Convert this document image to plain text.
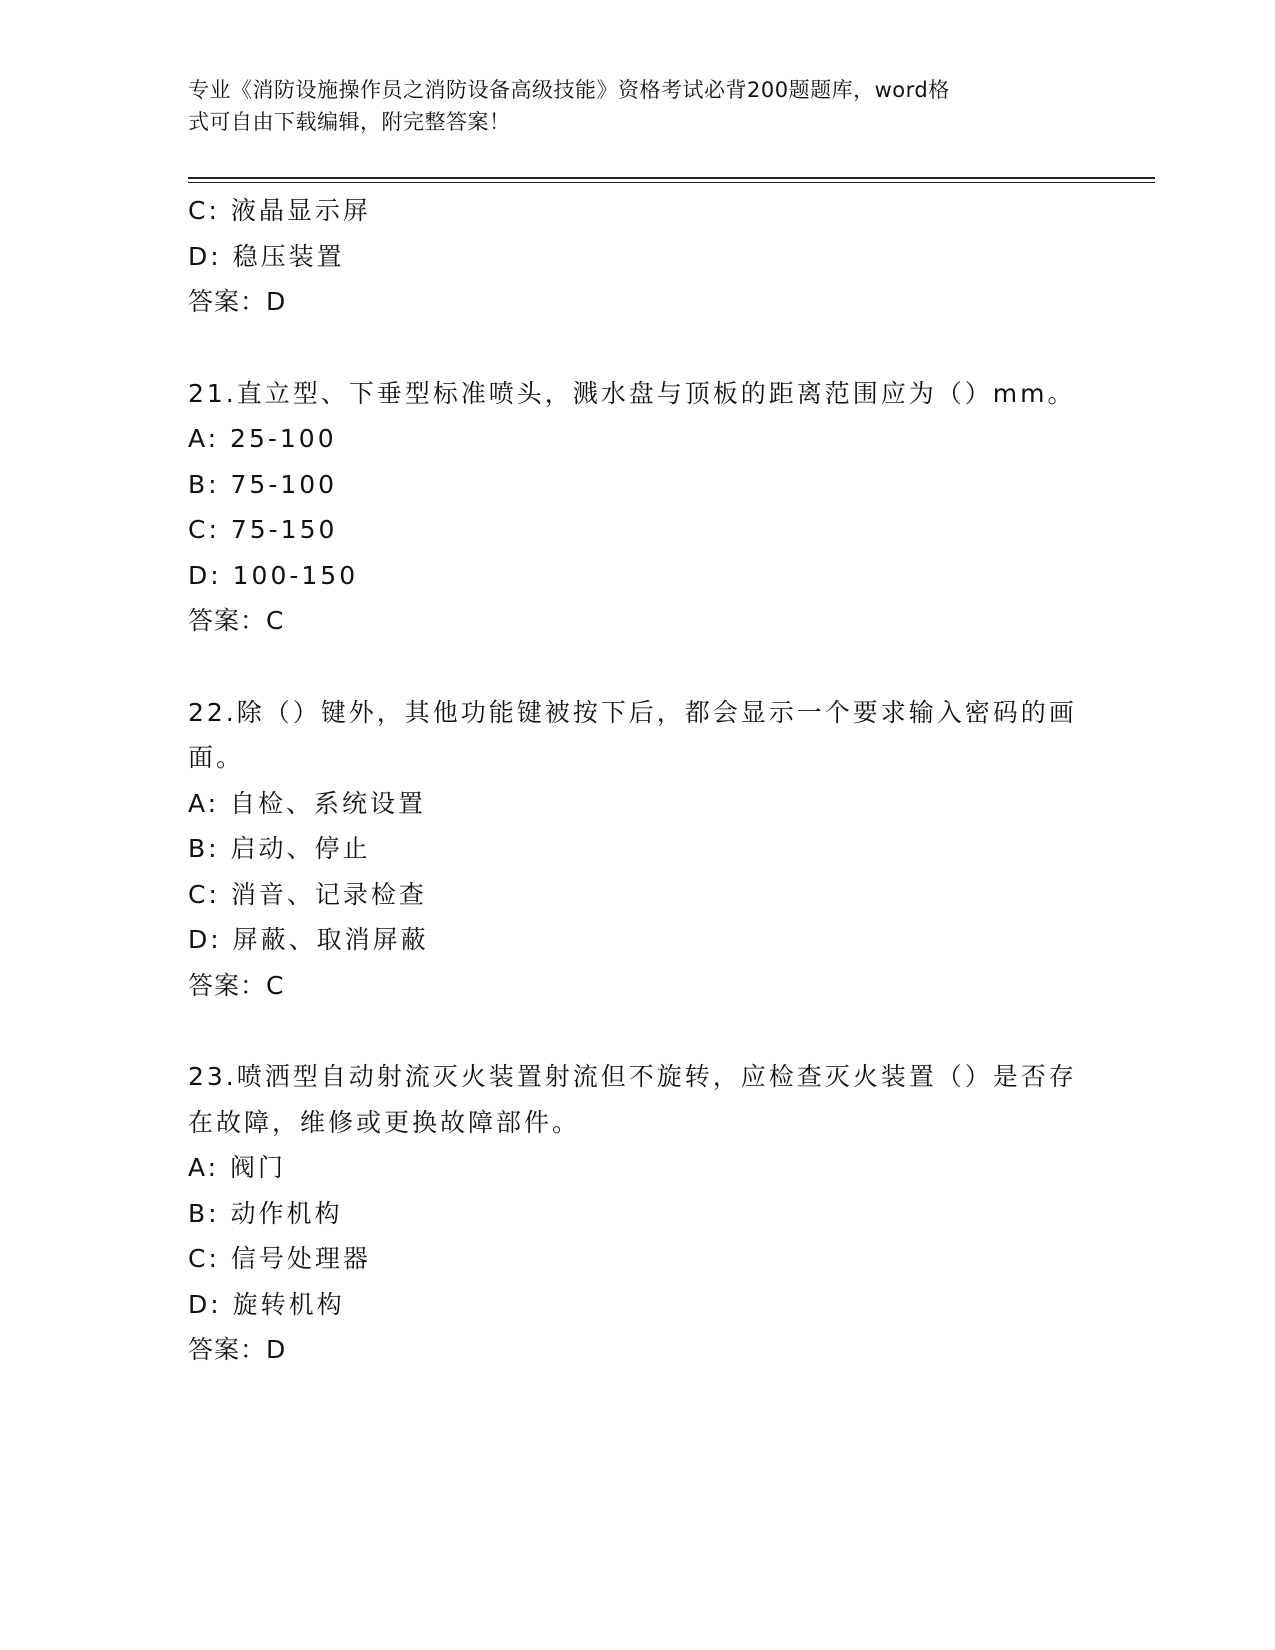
专业《消防设施操作员之消防设备高级技能》资格考试必背200题题库，word格
式可自由下载编辑，附完整答案！
C: 液晶显示屏
D: 稳压装置
答案：D
21.直立型、下垂型标准喷头，溅水盘与顶板的距离范围应为（）mm。
A: 25-100
B: 75-100
C: 75-150
D: 100-150
答案：C
22.除（）键外，其他功能键被按下后，都会显示一个要求输入密码的画面。
A: 自检、系统设置
B: 启动、停止
C: 消音、记录检查
D: 屏蔽、取消屏蔽
答案：C
23.喷洒型自动射流灭火装置射流但不旋转，应检查灭火装置（）是否存在故障，维修或更换故障部件。
A: 阀门
B: 动作机构
C: 信号处理器
D: 旋转机构
答案：D
